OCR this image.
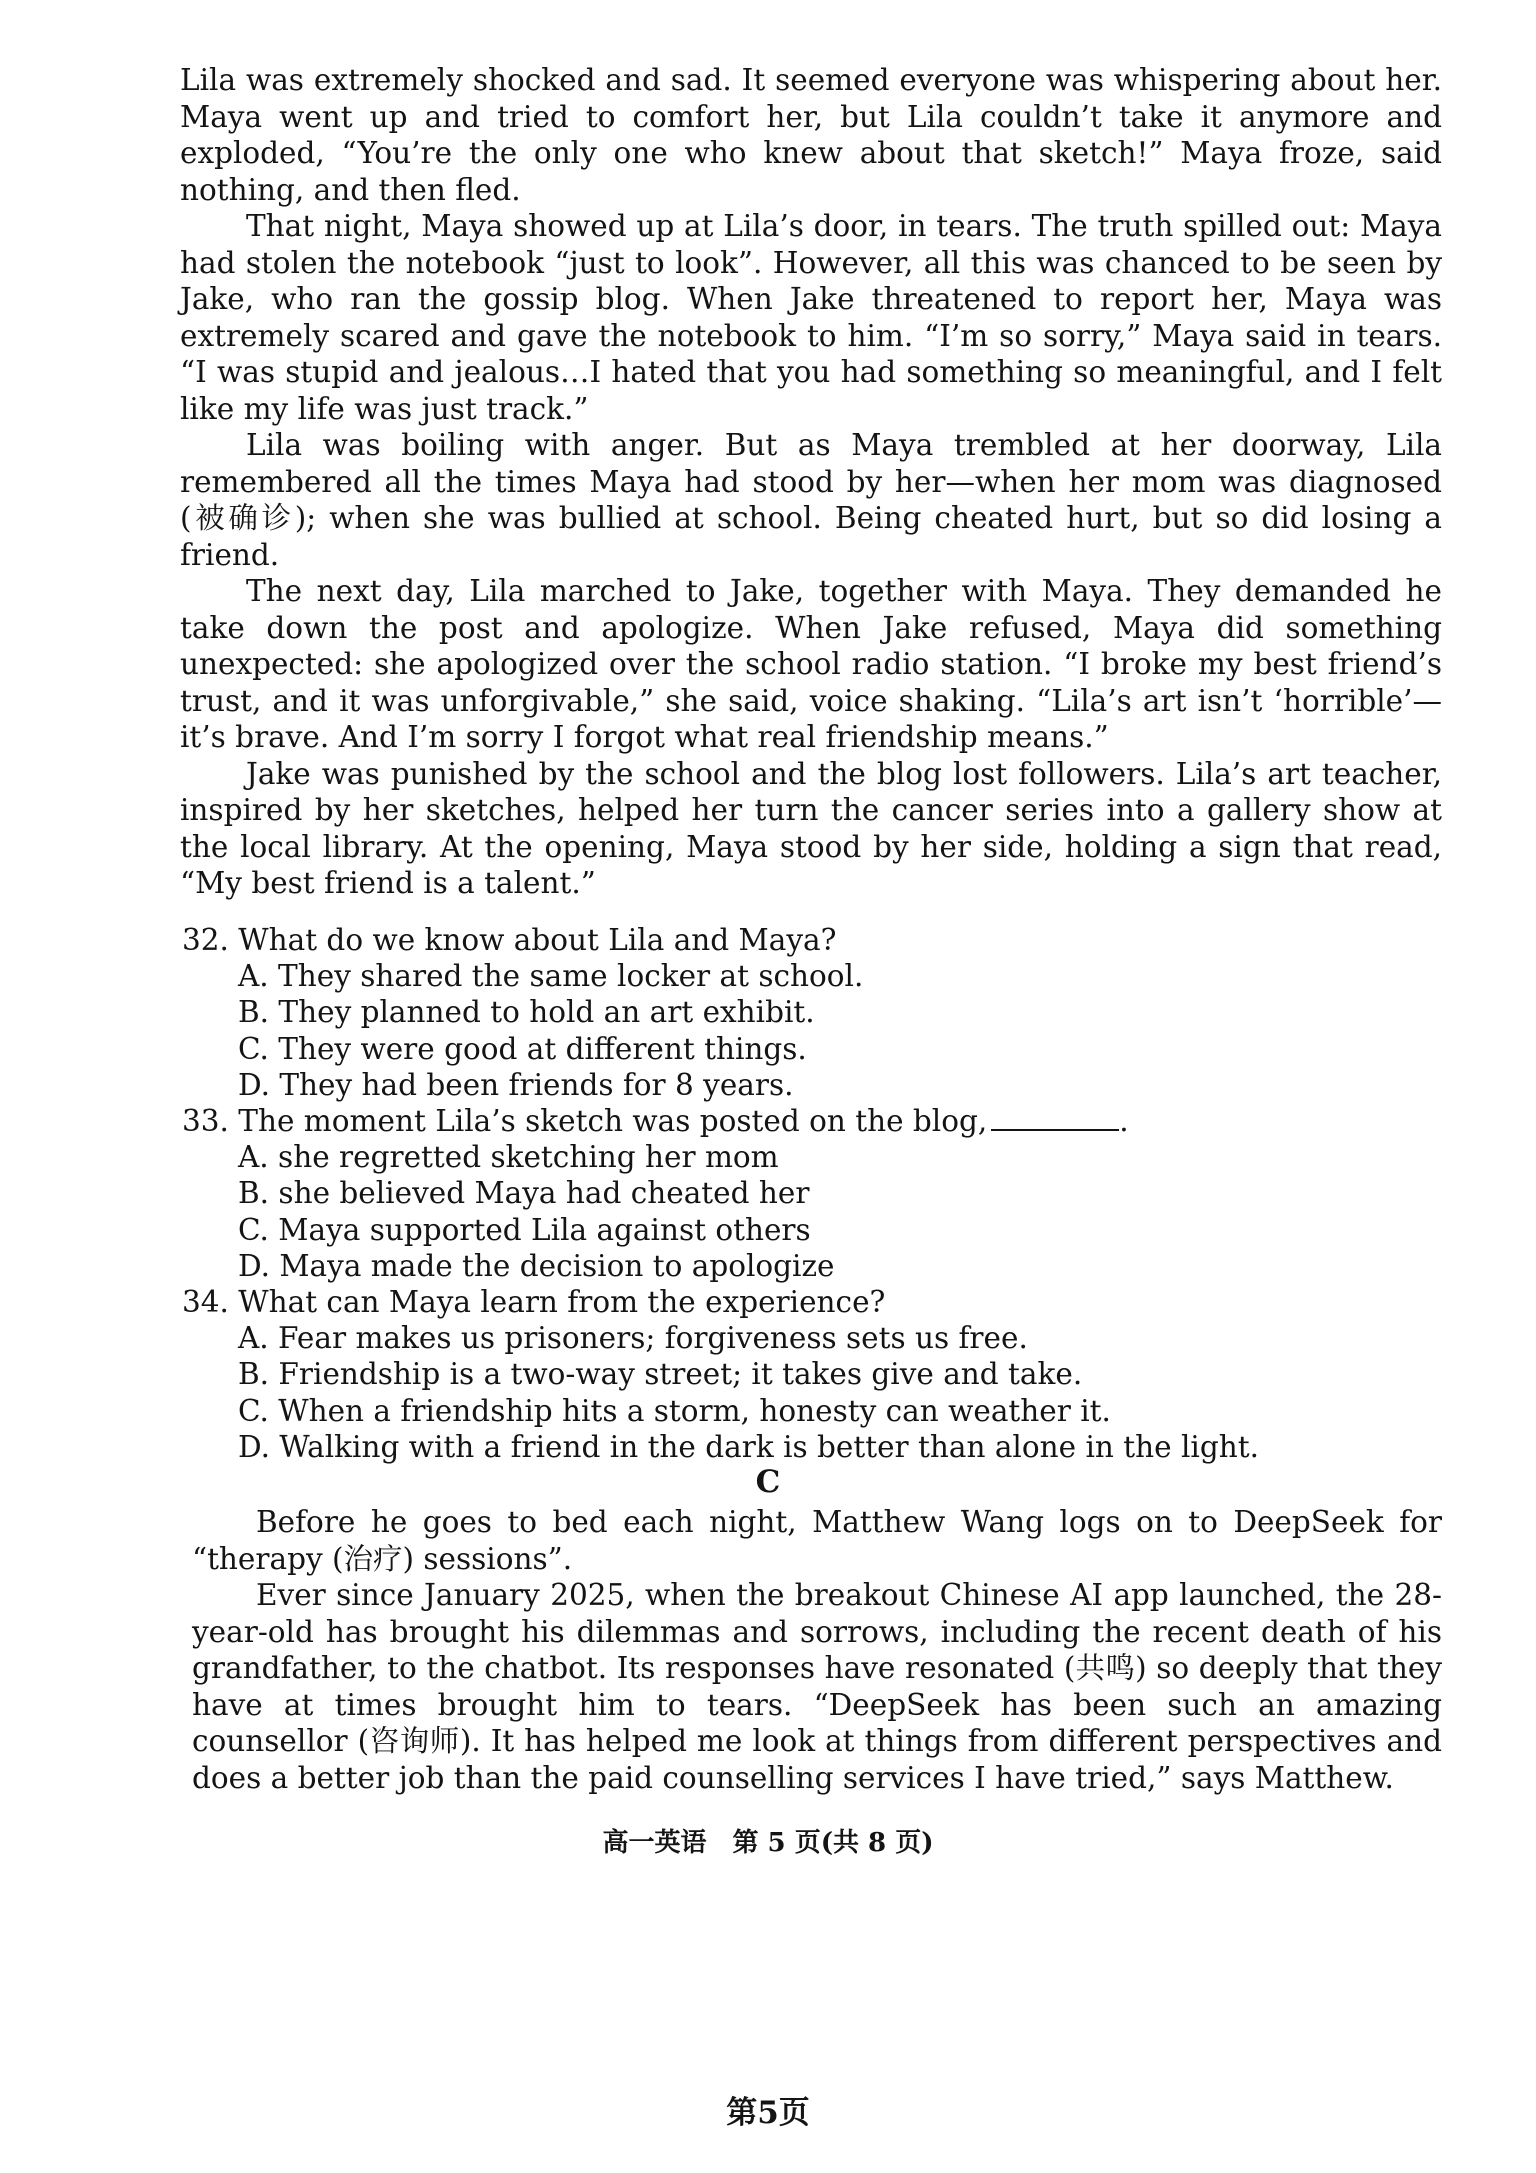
Lila was extremely shocked and sad. It seemed everyone was whispering about her. Maya went up and tried to comfort her, but Lila couldn’t take it anymore and exploded, “You’re the only one who knew about that sketch!” Maya froze, said nothing, and then fled.

That night, Maya showed up at Lila’s door, in tears. The truth spilled out: Maya had stolen the notebook “just to look”. However, all this was chanced to be seen by Jake, who ran the gossip blog. When Jake threatened to report her, Maya was extremely scared and gave the notebook to him. “I’m so sorry,” Maya said in tears. “I was stupid and jealous…I hated that you had something so meaningful, and I felt like my life was just track.”

Lila was boiling with anger. But as Maya trembled at her doorway, Lila remembered all the times Maya had stood by her—when her mom was diagnosed (被确诊); when she was bullied at school. Being cheated hurt, but so did losing a friend.

The next day, Lila marched to Jake, together with Maya. They demanded he take down the post and apologize. When Jake refused, Maya did something unexpected: she apologized over the school radio station. “I broke my best friend’s trust, and it was unforgivable,” she said, voice shaking. “Lila’s art isn’t ‘horrible’—it’s brave. And I’m sorry I forgot what real friendship means.”

Jake was punished by the school and the blog lost followers. Lila’s art teacher, inspired by her sketches, helped her turn the cancer series into a gallery show at the local library. At the opening, Maya stood by her side, holding a sign that read, “My best friend is a talent.”

32. What do we know about Lila and Maya?

A. They shared the same locker at school.

B. They planned to hold an art exhibit.

C. They were good at different things.

D. They had been friends for 8 years.

33. The moment Lila’s sketch was posted on the blog,	.

A. she regretted sketching her mom

B. she believed Maya had cheated her

C. Maya supported Lila against others

D. Maya made the decision to apologize

34. What can Maya learn from the experience?

A. Fear makes us prisoners; forgiveness sets us free.

B. Friendship is a two-way street; it takes give and take.

C. When a friendship hits a storm, honesty can weather it.

D. Walking with a friend in the dark is better than alone in the light.

C

Before he goes to bed each night, Matthew Wang logs on to DeepSeek for “therapy (治疗) sessions”.

Ever since January 2025, when the breakout Chinese AI app launched, the 28-year-old has brought his dilemmas and sorrows, including the recent death of his grandfather, to the chatbot. Its responses have resonated (共鸣) so deeply that they have at times brought him to tears. “DeepSeek has been such an amazing counsellor (咨询师). It has helped me look at things from different perspectives and does a better job than the paid counselling services I have tried,” says Matthew.

高一英语　第 5 页(共 8 页)
第5页
